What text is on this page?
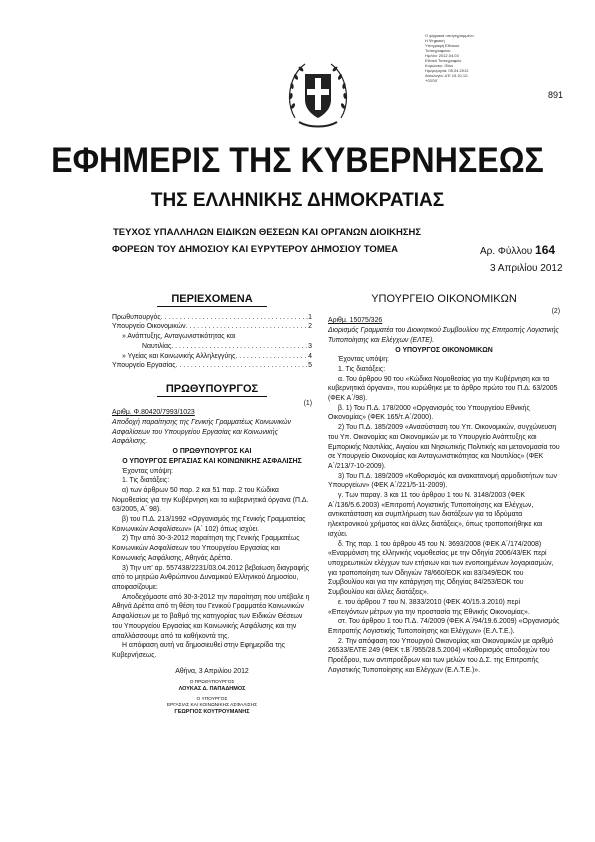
Ο ψηφιακά υπογεγραμμένο
Η Ψηφιακή
Υπογραφή Εθνικού
Τυπογραφείου
Ημ/νία: 2012.04.03
Εθνικό Τυπογραφείο
Κυρώσεις: Ιδίου
Ημερομηνία: 05.04.2012
Αιτιολογία: Δ'Ε 15.10.12:
+03'00'
891
ΕΦΗΜΕΡΙΣ ΤΗΣ ΚΥΒΕΡΝΗΣΕΩΣ
ΤΗΣ ΕΛΛΗΝΙΚΗΣ ΔΗΜΟΚΡΑΤΙΑΣ
ΤΕΥΧΟΣ ΥΠΑΛΛΗΛΩΝ ΕΙΔΙΚΩΝ ΘΕΣΕΩΝ ΚΑΙ ΟΡΓΑΝΩΝ ΔΙΟΙΚΗΣΗΣ
ΦΟΡΕΩΝ ΤΟΥ ΔΗΜΟΣΙΟΥ ΚΑΙ ΕΥΡΥΤΕΡΟΥ ΔΗΜΟΣΙΟΥ ΤΟΜΕΑ	Αρ. Φύλλου 164
3 Απριλίου 2012
ΠΕΡΙΕΧΟΜΕΝΑ
Πρωθυπουργός . . .	1
Υπουργείο Οικονομικών . . .	2
» Ανάπτυξης, Ανταγωνιστικότητας και
Ναυτιλίας . . .	3
» Υγείας και Κοινωνικής Αλληλεγγύης . . .	4
Υπουργείο Εργασίας . . .	5
ΠΡΩΘΥΠΟΥΡΓΟΣ
(1)

Αριθμ. Φ.80420/7993/1023

Αποδοχή παραίτησης της Γενικής Γραμματέως Κοινωνικών Ασφαλίσεων του Υπουργείου Εργασίας και Κοινωνικής Ασφάλισης.

Ο ΠΡΩΘΥΠΟΥΡΓΟΣ ΚΑΙ

Ο ΥΠΟΥΡΓΟΣ ΕΡΓΑΣΙΑΣ ΚΑΙ ΚΟΙΝΩΝΙΚΗΣ ΑΣΦΑΛΙΣΗΣ

Έχοντας υπόψη:

1. Τις διατάξεις:

α) των άρθρων 50 παρ. 2 και 51 παρ. 2 του Κώδικα Νομοθεσίας για την Κυβέρνηση και τα κυβερνητικά όργανα (Π.Δ. 63/2005, Α΄ 98).

β) του Π.Δ. 213/1992 «Οργανισμός της Γενικής Γραμματείας Κοινωνικών Ασφαλίσεων» (Α΄ 102) όπως ισχύει.

2) Την από 30-3-2012 παραίτηση της Γενικής Γραμματέως Κοινωνικών Ασφαλίσεων του Υπουργείου Εργασίας και Κοινωνικής Ασφάλισης, Αθηνάς Δρέττα.

3) Την υπ' αρ. 557438/2231/03.04.2012 βεβαίωση διαγραφής από το μητρώο Ανθρώπινου Δυναμικού Ελληνικού Δημοσίου, αποφασίζουμε:

Αποδεχόμαστε από 30-3-2012 την παραίτηση που υπέβαλε η Αθηνά Δρέττα από τη θέση του Γενικού Γραμματέα Κοινωνικών Ασφαλίσεων με το βαθμό της κατηγορίας των Ειδικών Θέσεων του Υπουργείου Εργασίας και Κοινωνικής Ασφάλισης και την απαλλάσσουμε από τα καθήκοντά της.

Η απόφαση αυτή να δημοσιευθεί στην Εφημερίδα της Κυβερνήσεως.

Αθήνα, 3 Απριλίου 2012

Ο ΠΡΩΘΥΠΟΥΡΓΟΣ

ΛΟΥΚΑΣ Δ. ΠΑΠΑΔΗΜΟΣ

Ο ΥΠΟΥΡΓΟΣ

ΕΡΓΑΣΙΑΣ ΚΑΙ ΚΟΙΝΩΝΙΚΗΣ ΑΣΦΑΛΙΣΗΣ

ΓΕΩΡΓΙΟΣ ΚΟΥΤΡΟΥΜΑΝΗΣ

ΥΠΟΥΡΓΕΙΟ ΟΙΚΟΝΟΜΙΚΩΝ
(2)

Αριθμ. 15075/326

Διορισμός Γραμματέα του Διοικητικού Συμβουλίου της Επιτροπής Λογιστικής Τυποποίησης και Ελέγχων (ΕΛΤΕ).

Ο ΥΠΟΥΡΓΟΣ ΟΙΚΟΝΟΜΙΚΩΝ

Έχοντας υπόψη:

1. Τις διατάξεις:

α. Του άρθρου 90 του «Κώδικα Νομοθεσίας για την Κυβέρνηση και τα κυβερνητικά όργανα», που κυρώθηκε με το άρθρο πρώτο του Π.Δ. 63/2005 (ΦΕΚ Α΄/98).

β. 1) Του Π.Δ. 178/2000 «Οργανισμός του Υπουργείου Εθνικής Οικονομίας» (ΦΕΚ 165/τ.Α΄/2000).

2) Του Π.Δ. 185/2009 «Ανασύσταση του Υπ. Οικονομικών, συγχώνευση του Υπ. Οικονομίας και Οικονομικών με το Υπουργείο Ανάπτυξης και Εμπορικής Ναυτιλίας, Αιγαίου και Νησιωτικής Πολιτικής και μετονομασία του σε Υπουργείο Οικονομίας και Ανταγωνιστικότητας και Ναυτιλίας» (ΦΕΚ Α΄/213/7-10-2009).

3) Του Π.Δ. 189/2009 «Καθορισμός και ανακατανομή αρμοδιοτήτων των Υπουργείων» (ΦΕΚ Α΄/221/5-11-2009).

γ. Των παραγ. 3 και 11 του άρθρου 1 του Ν. 3148/2003 (ΦΕΚ Α΄/136/5.6.2003) «Επιτροπή Λογιστικής Τυποποίησης και Ελέγχων, αντικατάσταση και συμπλήρωση των διατάξεων για τα Ιδρύματα ηλεκτρονικού χρήματος και άλλες διατάξεις», όπως τροποποιήθηκε και ισχύει.

δ. Της παρ. 1 του άρθρου 45 του Ν. 3693/2008 (ΦΕΚ Α΄/174/2008) «Εναρμόνιση της ελληνικής νομοθεσίας με την Οδηγία 2006/43/ΕΚ περί υποχρεωτικών ελέγχων των ετήσιων και των ενοποιημένων λογαριασμών, για τροποποίηση των Οδηγιών 78/660/ΕΟΚ και 83/349/ΕΟΚ του Συμβουλίου και για την κατάργηση της Οδηγίας 84/253/ΕΟΚ του Συμβουλίου και άλλες διατάξεις».

ε. του άρθρου 7 του Ν. 3833/2010 (ΦΕΚ 40/15.3.2010) περί «Επειγόντων μέτρων για την προστασία της Εθνικής Οικονομίας».

στ. Του άρθρου 1 του Π.Δ. 74/2009 (ΦΕΚ Α΄/94/19.6.2009) «Οργανισμός Επιτροπής Λογιστικής Τυποποίησης και Ελέγχων» (Ε.Λ.Τ.Ε.).

2. Την απόφαση του Υπουργού Οικονομίας και Οικονομικών με αριθμό 26533/ΕΛΤΕ 249 (ΦΕΚ τ.Β΄/955/28.5.2004) «Καθορισμός αποδοχών του Προέδρου, των αντιπροέδρων και των μελών του Δ.Σ. της Επιτροπής Λογιστικής Τυποποίησης και Ελέγχων (Ε.Λ.Τ.Ε.)».
